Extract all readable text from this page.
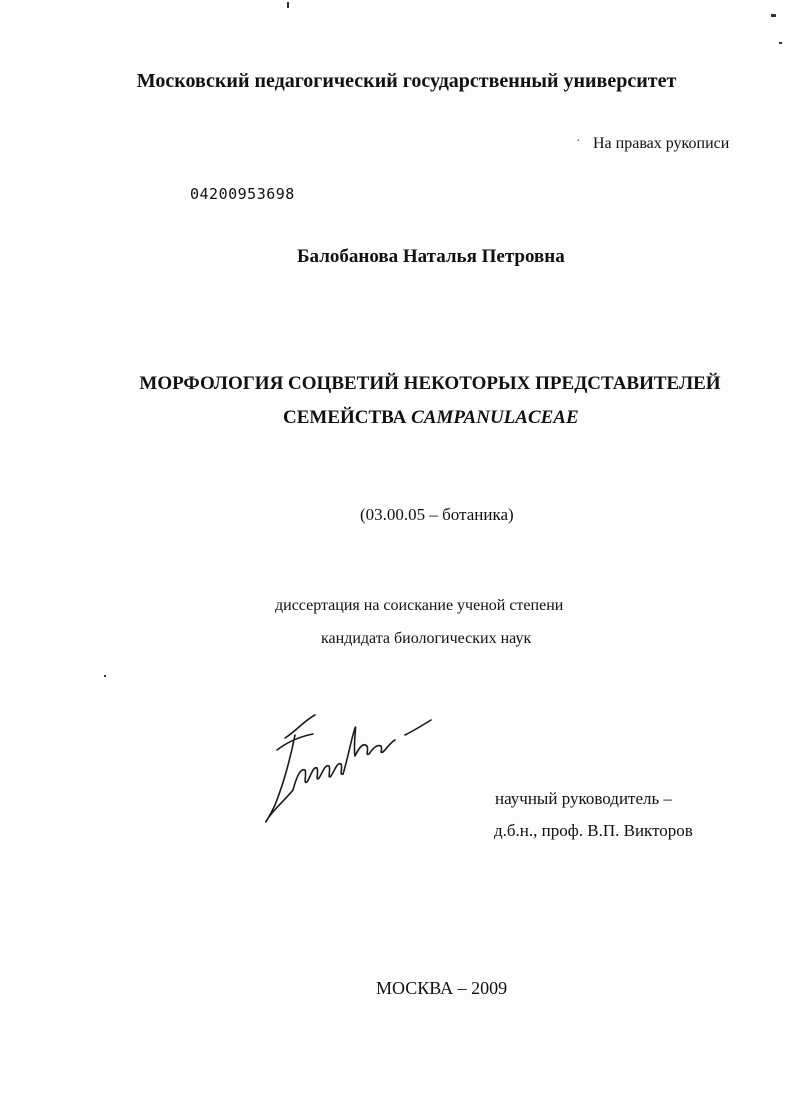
Московский педагогический государственный университет
· На правах рукописи
04200953698
Балобанова Наталья Петровна
МОРФОЛОГИЯ СОЦВЕТИЙ НЕКОТОРЫХ ПРЕДСТАВИТЕЛЕЙ
СЕМЕЙСТВА CAMPANULACEAE
(03.00.05 – ботаника)
диссертация на соискание ученой степени
кандидата биологических наук
научный руководитель –
д.б.н., проф. В.П. Викторов
МОСКВА – 2009
